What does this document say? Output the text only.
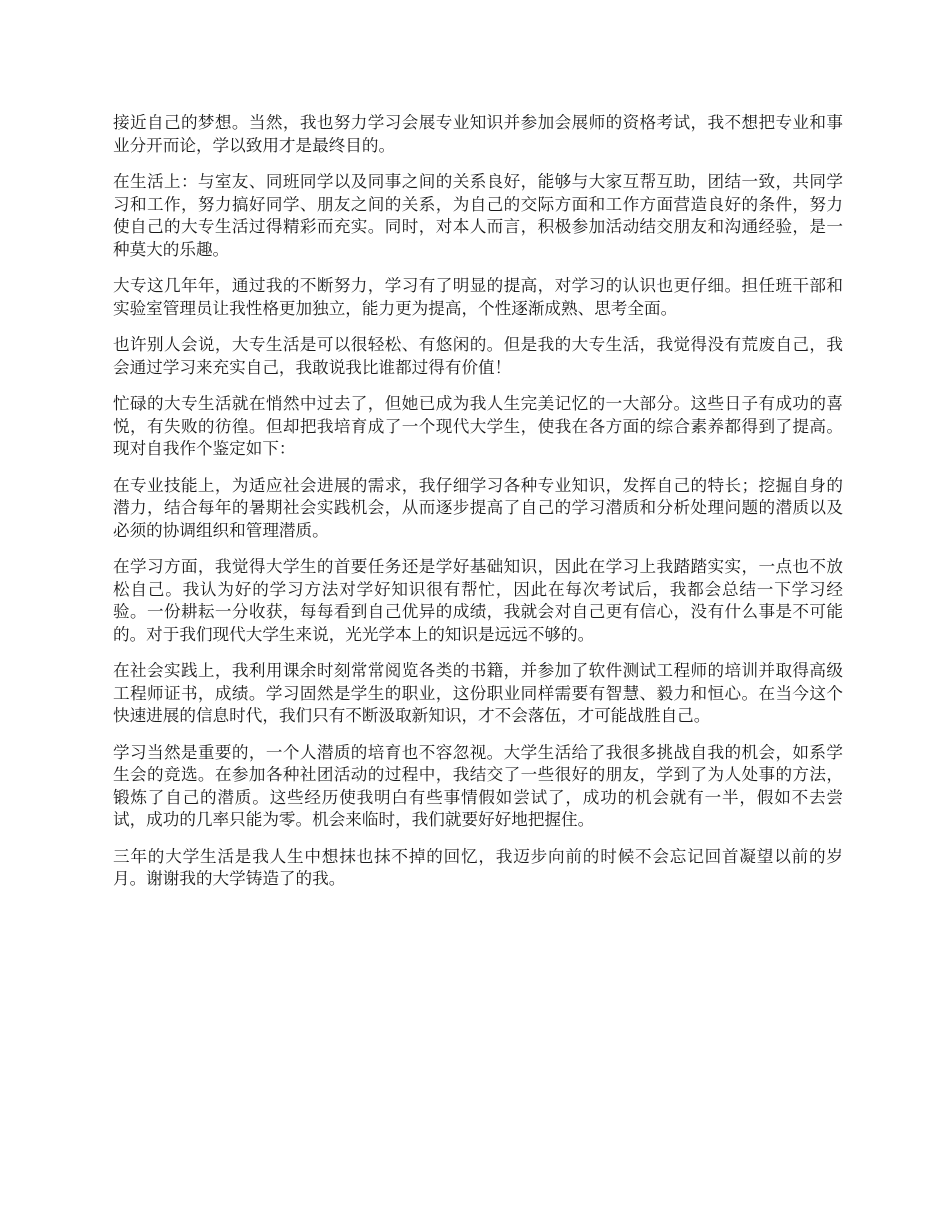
接近自己的梦想。当然，我也努力学习会展专业知识并参加会展师的资格考试，我不想把专业和事业分开而论，学以致用才是最终目的。

在生活上：与室友、同班同学以及同事之间的关系良好，能够与大家互帮互助，团结一致，共同学习和工作，努力搞好同学、朋友之间的关系，为自己的交际方面和工作方面营造良好的条件，努力使自己的大专生活过得精彩而充实。同时，对本人而言，积极参加活动结交朋友和沟通经验，是一种莫大的乐趣。

大专这几年年，通过我的不断努力，学习有了明显的提高，对学习的认识也更仔细。担任班干部和实验室管理员让我性格更加独立，能力更为提高，个性逐渐成熟、思考全面。

也许别人会说，大专生活是可以很轻松、有悠闲的。但是我的大专生活，我觉得没有荒废自己，我会通过学习来充实自己，我敢说我比谁都过得有价值！

忙碌的大专生活就在悄然中过去了，但她已成为我人生完美记忆的一大部分。这些日子有成功的喜悦，有失败的彷徨。但却把我培育成了一个现代大学生，使我在各方面的综合素养都得到了提高。现对自我作个鉴定如下：

在专业技能上，为适应社会进展的需求，我仔细学习各种专业知识，发挥自己的特长；挖掘自身的潜力，结合每年的暑期社会实践机会，从而逐步提高了自己的学习潜质和分析处理问题的潜质以及必须的协调组织和管理潜质。

在学习方面，我觉得大学生的首要任务还是学好基础知识，因此在学习上我踏踏实实，一点也不放松自己。我认为好的学习方法对学好知识很有帮忙，因此在每次考试后，我都会总结一下学习经验。一份耕耘一分收获，每每看到自己优异的成绩，我就会对自己更有信心，没有什么事是不可能的。对于我们现代大学生来说，光光学本上的知识是远远不够的。

在社会实践上，我利用课余时刻常常阅览各类的书籍，并参加了软件测试工程师的培训并取得高级工程师证书，成绩。学习固然是学生的职业，这份职业同样需要有智慧、毅力和恒心。在当今这个快速进展的信息时代，我们只有不断汲取新知识，才不会落伍，才可能战胜自己。

学习当然是重要的，一个人潜质的培育也不容忽视。大学生活给了我很多挑战自我的机会，如系学生会的竞选。在参加各种社团活动的过程中，我结交了一些很好的朋友，学到了为人处事的方法，锻炼了自己的潜质。这些经历使我明白有些事情假如尝试了，成功的机会就有一半，假如不去尝试，成功的几率只能为零。机会来临时，我们就要好好地把握住。

三年的大学生活是我人生中想抹也抹不掉的回忆，我迈步向前的时候不会忘记回首凝望以前的岁月。谢谢我的大学铸造了的我。
